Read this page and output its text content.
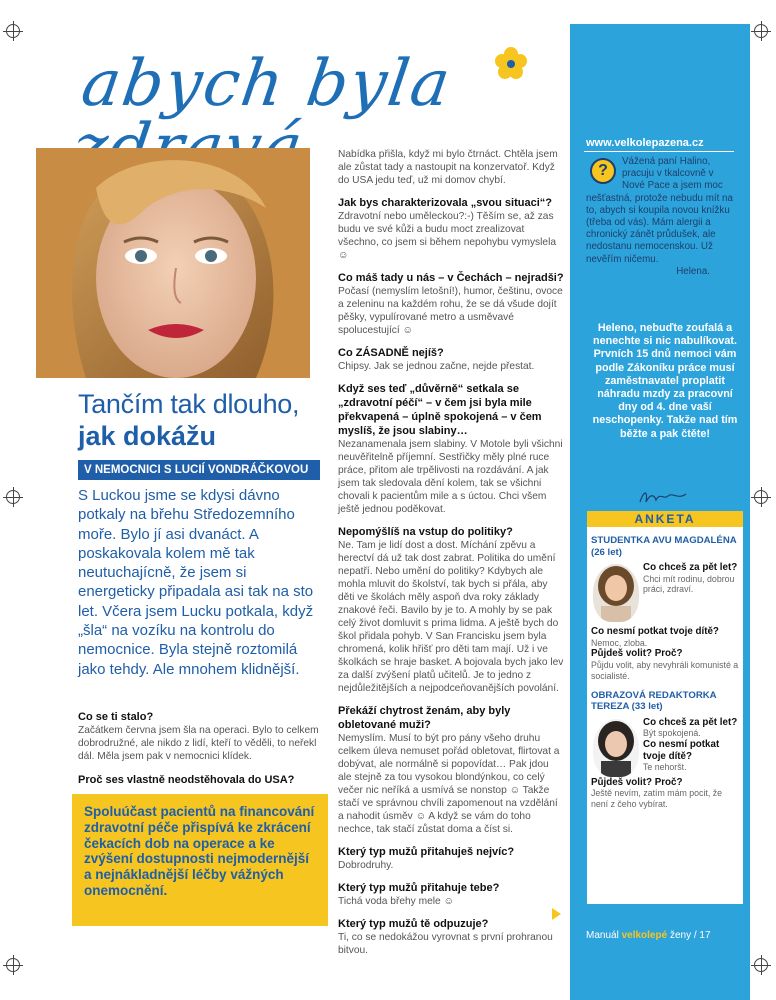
abych byla
Tančím tak dlouho,
jak dokážu
V NEMOCNICI S LUCIÍ VONDRÁČKOVOU
S Luckou jsme se kdysi dávno potkaly na břehu Středozemního moře. Bylo jí asi dvanáct. A poskakovala kolem mě tak neutuchajícně, že jsem si energeticky připadala asi tak na sto let. Včera jsem Lucku potkala, když „šla“ na vozíku na kontrolu do nemocnice. Byla stejně roztomilá jako tehdy. Ale mnohem klidnější.
Co se ti stalo?
Začátkem června jsem šla na operaci. Bylo to celkem dobrodružné, ale nikdo z lidí, kteří to věděli, to neřekl dál. Měla jsem pak v nemocnici klídek.
Proč ses vlastně neodstěhovala do USA?
Spoluúčast pacientů na financování zdravotní péče přispívá ke zkrácení čekacích dob na operace a ke zvýšení dostupnosti nejmodernější a nejnákladnější léčby vážných onemocnění.
Nabídka přišla, když mi bylo čtrnáct. Chtěla jsem ale zůstat tady a nastoupit na konzervatoř. Když do USA jedu teď, už mi domov chybí.
Jak bys charakterizovala „svou situaci“?
Zdravotní nebo uměleckou?:-) Těším se, až zas budu ve své kůži a budu moct zrealizovat všechno, co jsem si během nepohybu vymyslela ☺
Co máš tady u nás – v Čechách – nejradši?
Počasí (nemyslím letošní!), humor, češtinu, ovoce a zeleninu na každém rohu, že se dá všude dojít pěšky, vypulírované metro a usměvavé spolucestující ☺
Co ZÁSADNĚ nejíš?
Chipsy. Jak se jednou začne, nejde přestat.
Když ses teď „důvěrně“ setkala se „zdravotní péčí“ – v čem jsi byla mile překvapená – úplně spokojená – v čem myslíš, že jsou slabiny…
Nezanamenala jsem slabiny. V Motole byli všichni neuvěřitelně příjemní. Sestřičky měly plné ruce práce, přitom ale trpělivosti na rozdávání. A jak jsem tak sledovala dění kolem, tak se všichni chovali k pacientům mile a s úctou. Chci všem ještě jednou poděkovat.
Nepomýšlíš na vstup do politiky?
Ne. Tam je lidí dost a dost. Míchání zpěvu a herectví dá už tak dost zabrat. Politika do umění nepatří. Nebo umění do politiky? Kdybych ale mohla mluvit do školství, tak bych si přála, aby děti ve školách měly aspoň dva roky základy znakové řeči. Bavilo by je to. A mohly by se pak celý život domluvit s prima lidma. A ještě bych do škol přidala pohyb. V San Francisku jsem byla chromená, kolik hřišť pro děti tam mají. Už i ve školkách se hraje basket. A bojovala bych jako lev za další zvýšení platů učitelů. Je to jedno z nejdůležitějších a nejpodceňovanějších povolání.
Překáží chytrost ženám, aby byly obletované muži?
Nemyslím. Musí to být pro pány všeho druhu celkem úleva nemuset pořád obletovat, flirtovat a dobývat, ale normálně si popovídat… Pak jdou ale stejně za tou vysokou blondýnkou, co celý večer nic neříká a usmívá se nonstop ☺ Takže stačí ve správnou chvíli zapomenout na vzdělání a nahodit úsměv ☺ A když se vám do toho nechce, tak stačí zůstat doma a číst si.
Který typ mužů přitahuješ nejvíc?
Dobrodruhy.
Který typ mužů přitahuje tebe?
Tichá voda břehy mele ☺
Který typ mužů tě odpuzuje?
Ti, co se nedokážou vyrovnat s první prohranou bitvou.
www.velkolepazena.cz
?
Vážená paní Halino, pracuju v tkalcovně v Nové Pace a jsem moc nešťastná, protože nebudu mít na to, abych si koupila novou knížku (třeba od vás). Mám alergii a chronický zánět průdušek, ale nedostanu nemocenskou. Už nevěřím ničemu.
Helena.
Heleno, nebuďte zoufalá a nenechte si nic nabulíkovat. Prvních 15 dnů nemoci vám podle Zákoníku práce musí zaměstnavatel proplatit náhradu mzdy za pracovní dny od 4. dne vaší neschopenky. Takže nad tím běžte a pak čtěte!
ANKETA
STUDENTKA AVU MAGDALÉNA (26 let)
Co chceš za pět let?
Chci mít rodinu, dobrou práci, zdraví.
Co nesmí potkat tvoje dítě?
Nemoc, zloba.
Půjdeš volit? Proč?
Půjdu volit, aby nevyhráli komunisté a socialisté.
OBRAZOVÁ REDAKTORKA TEREZA (33 let)
Co chceš za pět let?
Být spokojená.
Co nesmí potkat tvoje dítě?
Te nehoršt.
Půjdeš volit? Proč?
Ještě nevím, zatím mám pocit, že není z čeho vybírat.
Manuál velkolepé ženy / 17
